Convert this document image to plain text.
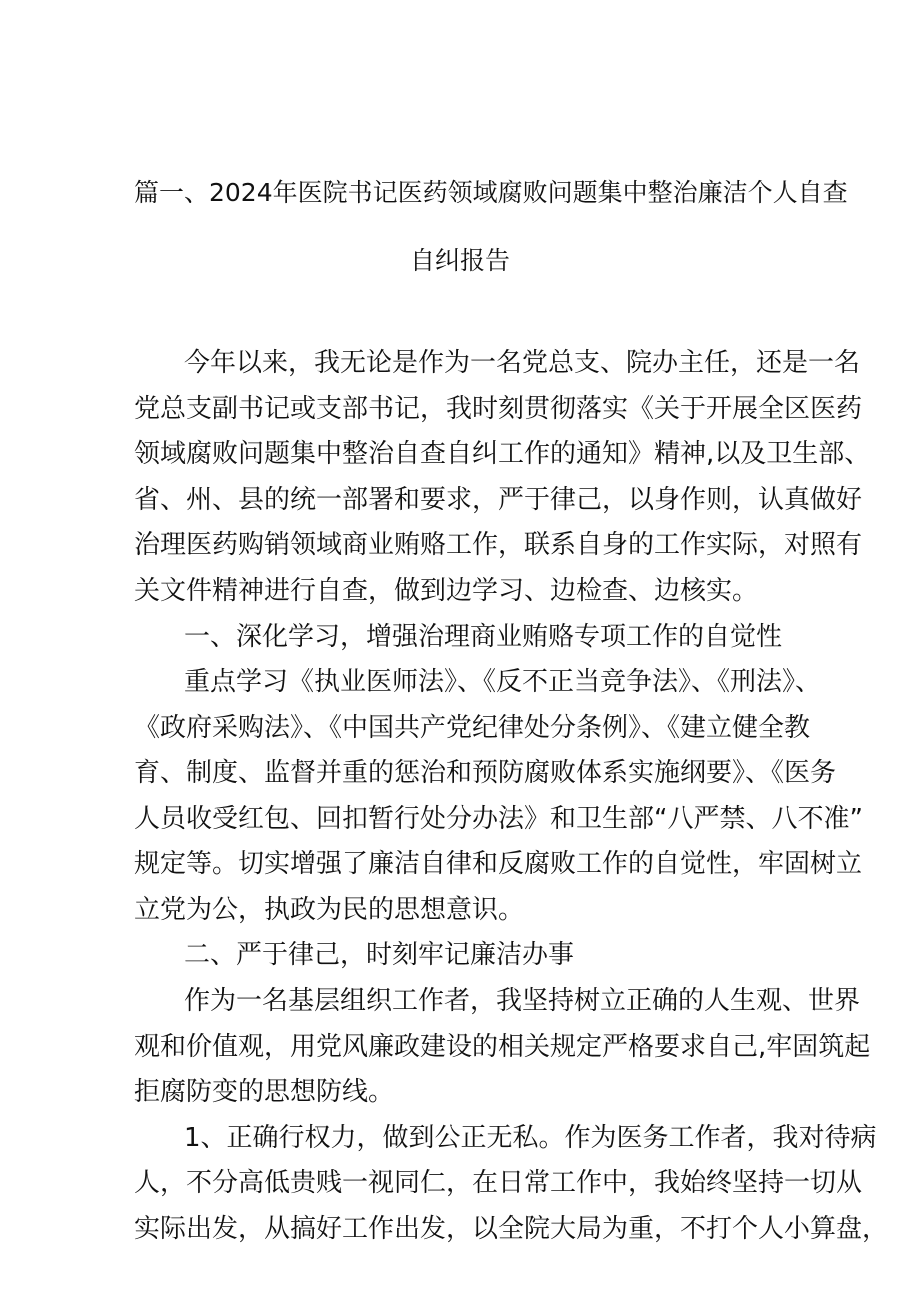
篇一、2024年医院书记医药领域腐败问题集中整治廉洁个人自查
自纠报告
今年以来，我无论是作为一名党总支、院办主任，还是一名
党总支副书记或支部书记，我时刻贯彻落实《关于开展全区医药
领域腐败问题集中整治自查自纠工作的通知》精神,以及卫生部、
省、州、县的统一部署和要求，严于律己，以身作则，认真做好
治理医药购销领域商业贿赂工作，联系自身的工作实际，对照有
关文件精神进行自查，做到边学习、边检查、边核实。
一、深化学习，增强治理商业贿赂专项工作的自觉性
重点学习《执业医师法》、《反不正当竞争法》、《刑法》、
《政府采购法》、《中国共产党纪律处分条例》、《建立健全教
育、制度、监督并重的惩治和预防腐败体系实施纲要》、《医务
人员收受红包、回扣暂行处分办法》和卫生部“八严禁、八不准”
规定等。切实增强了廉洁自律和反腐败工作的自觉性，牢固树立
立党为公，执政为民的思想意识。
二、严于律己，时刻牢记廉洁办事
作为一名基层组织工作者，我坚持树立正确的人生观、世界
观和价值观，用党风廉政建设的相关规定严格要求自己,牢固筑起
拒腐防变的思想防线。
1、正确行权力，做到公正无私。作为医务工作者，我对待病
人，不分高低贵贱一视同仁，在日常工作中，我始终坚持一切从
实际出发，从搞好工作出发，以全院大局为重，不打个人小算盘，
